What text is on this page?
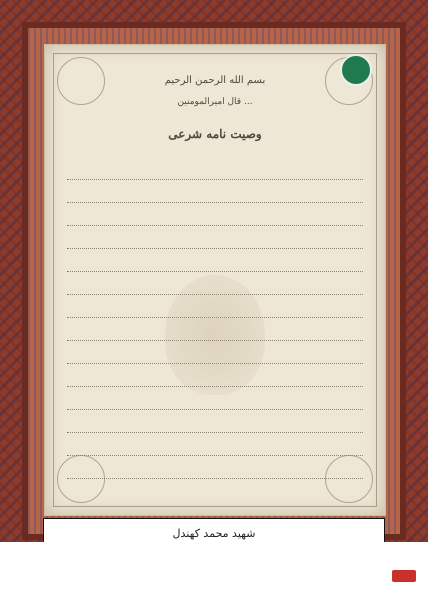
بسم الله الرحمن الرحیم
قال امیرالمومنین ...
وصیت نامه شرعی
شهید محمد کهندل
